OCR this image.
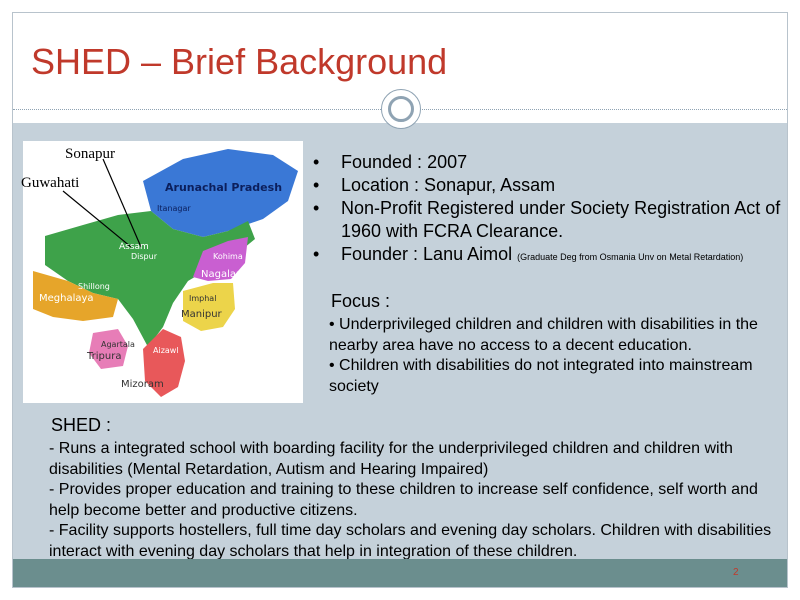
SHED – Brief Background
Arunachal Pradesh
Itanagar
Assam
Dispur	Kohima
Nagaland
Shillong
Meghalaya	Imphal
Manipur
Agartala
Tripura
Aizawl
Mizoram
Sonapur
Guwahati
• Founded : 2007
• Location : Sonapur, Assam
• Non-Profit Registered under Society Registration Act of 1960 with FCRA Clearance.
• Founder : Lanu Aimol (Graduate Deg from Osmania Unv on Metal Retardation)
Focus :
• Underprivileged children and children with disabilities in the nearby area have no access to a decent education.
• Children with disabilities do not integrated into mainstream society
SHED :
- Runs a integrated school with boarding facility for the underprivileged children and children with disabilities (Mental Retardation, Autism and Hearing Impaired)
- Provides proper education and training to these children to increase self confidence, self worth and help become better and productive citizens.
- Facility supports hostellers, full time day scholars and evening day scholars. Children with disabilities interact with evening day scholars that help in integration of these children.
2
